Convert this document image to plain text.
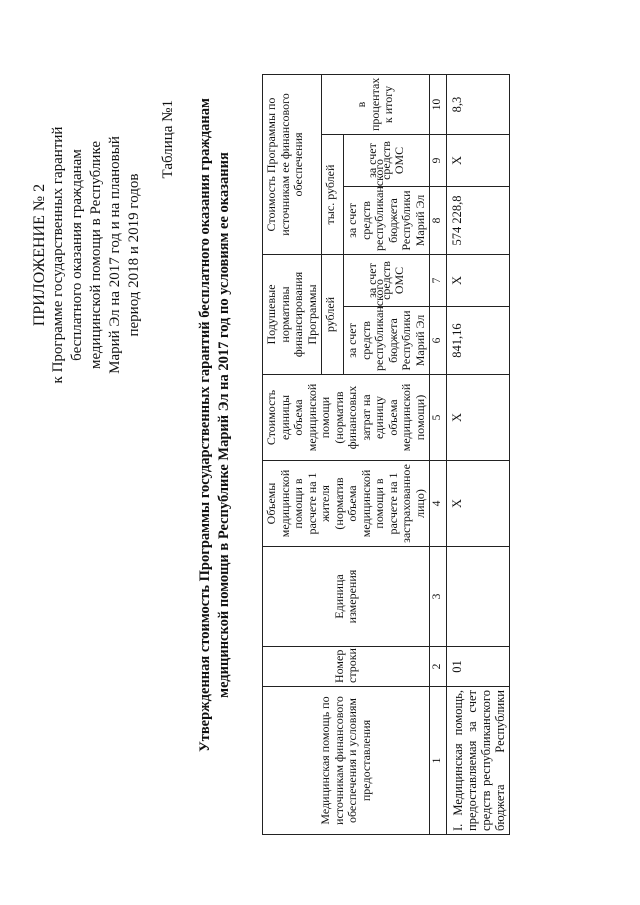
ПРИЛОЖЕНИЕ № 2 к Программе государственных гарантий бесплатного оказания гражданам медицинской помощи в Республике Марий Эл на 2017 год и на плановый период 2018 и 2019 годов
Таблица №1 Утвержденная стоимость Программы государственных гарантий бесплатного оказания гражданам медицинской помощи в Республике Марий Эл на 2017 год по условиям ее оказания
Медицинская помощь по источникам финансового обеспечения и условиям предоставления	Номер строки	Единица измерения	Объемы медицинской помощи в расчете на 1 жителя (норматив объема медицинской помощи в расчете на 1 застрахованное лицо)	Стоимость единицы объема медицинской помощи (норматив финансовых затрат на единицу объема медицинской помощи)	Подушевые нормативы финансирования Программы		Стоимость Программы по источникам ее финансового обеспечения		
					рублей		тыс. рублей		в процентах к итогу
					за счет средств республиканского бюджета Республики Марий Эл	за счет средств ОМС	за счет средств республиканского бюджета Республики Марий Эл	за счет средств ОМС	
1	2	3	4	5	6	7	8	9	10
I. Медицинская помощь, предоставляемая за счет средств республиканского бюджета Республики	01		Х	Х	841,16	Х	574 228,8	Х	8,3
